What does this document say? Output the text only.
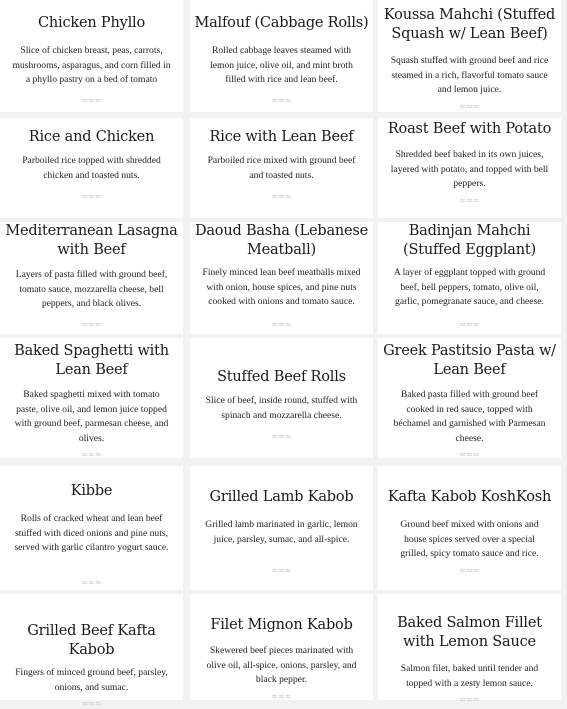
Chicken Phyllo
Slice of chicken breast, peas, carrots, mushrooms, asparagus, and corn filled in a phyllo pastry on a bed of tomato
≈≈≈
Malfouf (Cabbage Rolls)
Rolled cabbage leaves steamed with lemon juice, olive oil, and mint broth filled with rice and lean beef.
≈≈≈
Koussa Mahchi (Stuffed Squash w/ Lean Beef)
Squash stuffed with ground beef and rice steamed in a rich, flavorful tomato sauce and lemon juice.
≈≈≈
Rice and Chicken
Parboiled rice topped with shredded chicken and toasted nuts.
≈≈≈
Rice with Lean Beef
Parboiled rice mixed with ground beef and toasted nuts.
≈≈≈
Roast Beef with Potato
Shredded beef baked in its own juices, layered with potato, and topped with bell peppers.
≈≈≈
Mediterranean Lasagna with Beef
Layers of pasta filled with ground beef, tomato sauce, mozzarella cheese, bell peppers, and black olives.
≈≈≈
Daoud Basha (Lebanese Meatball)
Finely minced lean beef meatballs mixed with onion, house spices, and pine nuts cooked with onions and tomato sauce.
≈≈≈
Badinjan Mahchi (Stuffed Eggplant)
A layer of eggplant topped with ground beef, bell peppers, tomato, olive oil, garlic, pomegranate sauce, and cheese.
≈≈≈
Baked Spaghetti with Lean Beef
Baked spaghetti mixed with tomato paste, olive oil, and lemon juice topped with ground beef, parmesan cheese, and olives.
≈≈≈
Stuffed Beef Rolls
Slice of beef, inside round, stuffed with spinach and mozzarella cheese.
≈≈≈
Greek Pastitsio Pasta w/ Lean Beef
Baked pasta filled with ground beef cooked in red sauce, topped with béchamel and garnished with Parmesan cheese.
≈≈≈
Kibbe
Rolls of cracked wheat and lean beef stuffed with diced onions and pine nuts, served with garlic cilantro yogurt sauce.
≈≈≈
Grilled Lamb Kabob
Grilled lamb marinated in garlic, lemon juice, parsley, sumac, and all-spice.
≈≈≈
Kafta Kabob KoshKosh
Ground beef mixed with onions and house spices served over a special grilled, spicy tomato sauce and rice.
≈≈≈
Grilled Beef Kafta Kabob
Fingers of minced ground beef, parsley, onions, and sumac.
≈≈≈
Filet Mignon Kabob
Skewered beef pieces marinated with olive oil, all-spice, onions, parsley, and black pepper.
≈≈≈
Baked Salmon Fillet with Lemon Sauce
Salmon filet, baked until tender and topped with a zesty lemon sauce.
≈≈≈
